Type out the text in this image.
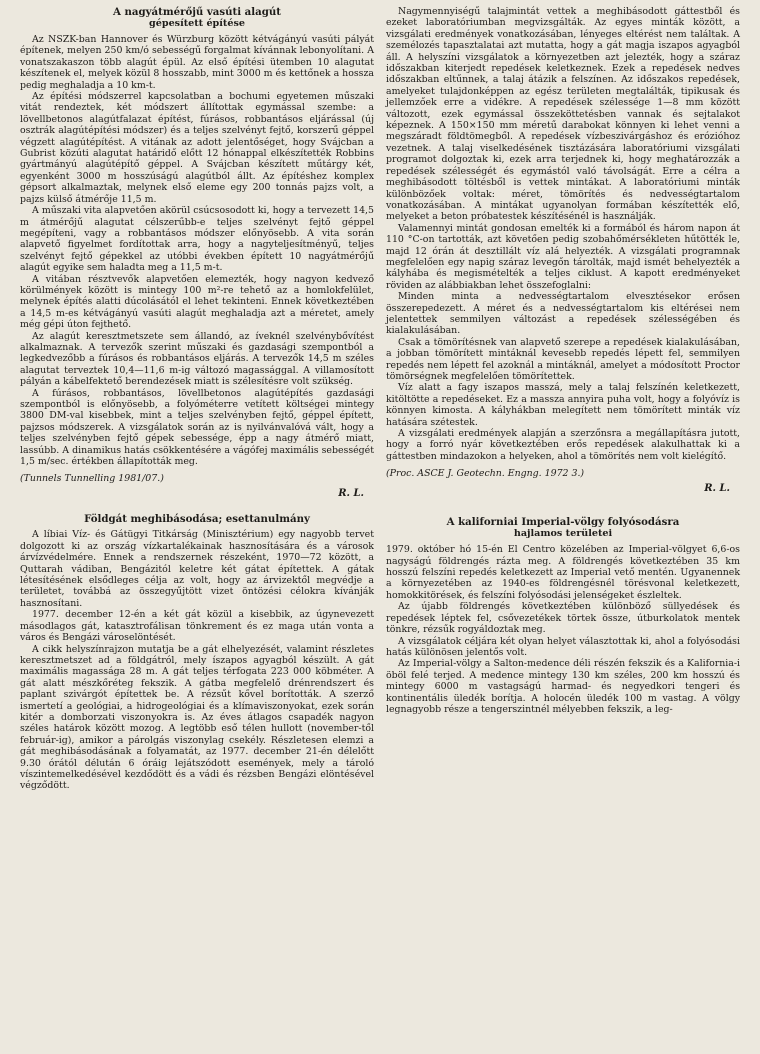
A nagyátmérőjű vasúti alagút
gépesített építése

Az NSZK-ban Hannover és Würzburg között kétvágányú vasúti pályát építenek, melyen 250 km/ó sebességű forgalmat kívánnak lebonyolítani. A vonatszakaszon több alagút épül. Az első építési ütemben 10 alagutat készítenek el, melyek közül 8 hosszabb, mint 3000 m és kettőnek a hossza pedig meghaladja a 10 km-t.

Az építési módszerrel kapcsolatban a bochumi egyetemen műszaki vitát rendeztek, két módszert állítottak egymással szembe: a lövellbetonos alagútfalazat építést, fúrásos, robbantásos eljárással (új osztrák alagútépítési módszer) és a teljes szelvényt fejtő, korszerű géppel végzett alagútépítést. A vitának az adott jelentőséget, hogy Svájcban a Gubrist közúti alagutat határidő előtt 12 hónappal elkészítették Robbins gyártmányú alagútépítő géppel. A Svájcban készített műtárgy két, egyenként 3000 m hosszúságú alagútból állt. Az építéshez komplex gépsort alkalmaztak, melynek első eleme egy 200 tonnás pajzs volt, a pajzs külső átmérője 11,5 m.

A műszaki vita alapvetően akörül csúcsosodott ki, hogy a tervezett 14,5 m átmérőjű alagutat célszerűbb-e teljes szelvényt fejtő géppel megépíteni, vagy a robbantásos módszer előnyösebb. A vita során alapvető figyelmet fordítottak arra, hogy a nagyteljesítményű, teljes szelvényt fejtő gépekkel az utóbbi években épített 10 nagyátmérőjű alagút egyike sem haladta meg a 11,5 m-t.

A vitában résztvevők alapvetően elemezték, hogy nagyon kedvező körülmények között is mintegy 100 m²-re tehető az a homlokfelület, melynek építés alatti dúcolásától el lehet tekinteni. Ennek következtében a 14,5 m-es kétvágányú vasúti alagút meghaladja azt a méretet, amely még gépi úton fejthető.

Az alagút keresztmetszete sem állandó, az íveknél szelvénybővítést alkalmaznak. A tervezők szerint műszaki és gazdasági szempontból a legkedvezőbb a fúrásos és robbantásos eljárás. A tervezők 14,5 m széles alagutat terveztek 10,4—11,6 m-ig változó magassággal. A villamosított pályán a kábelfektető berendezések miatt is szélesítésre volt szükség.

A fúrásos, robbantásos, lövellbetonos alagútépítés gazdasági szempontból is előnyösebb, a folyóméterre vetített költségei mintegy 3800 DM-val kisebbek, mint a teljes szelvényben fejtő, géppel épített, pajzsos módszerek. A vizsgálatok során az is nyilvánvalóvá vált, hogy a teljes szelvényben fejtő gépek sebessége, épp a nagy átmérő miatt, lassúbb. A dinamikus hatás csökkentésére a vágófej maximális sebességét 1,5 m/sec. értékben állapították meg.

(Tunnels Tunnelling 1981/07.)
R. L.
Földgát meghibásodása; esettanulmány

A líbiai Víz- és Gátügyi Titkárság (Minisztérium) egy nagyobb tervet dolgozott ki az ország vízkartalékainak hasznosítására és a városok árvízvédelmére. Ennek a rendszernek részeként, 1970—72 között, a Quttarah vádiban, Bengázitól keletre két gátat építettek. A gátak létesítésének elsődleges célja az volt, hogy az árvizektől megvédje a területet, továbbá az összegyűjtött vizet öntözési célokra kívánják hasznosítani.

1977. december 12-én a két gát közül a kisebbik, az úgynevezett másodlagos gát, katasztrofálisan tönkrement és ez maga után vonta a város és Bengázi városelöntését.

A cikk helyszínrajzon mutatja be a gát elhelyezését, valamint részletes keresztmetszet ad a földgátról, mely íszapos agyagból készült. A gát maximális magassága 28 m. A gát teljes térfogata 223 000 köbméter. A gát alatt mészkőréteg fekszik. A gátba megfelelő drénrendszert és paplant szivárgót építettek be. A rézsűt kővel borították. A szerző ismertetí a geológiai, a hidrogeológiai és a klímaviszonyokat, ezek során kitér a domborzati viszonyokra is. Az éves átlagos csapadék nagyon széles határok között mozog. A legtöbb eső télen hullott (november-től február-ig), amikor a párolgás viszonylag csekély. Részletesen elemzi a gát meghibásodásának a folyamatát, az 1977. december 21-én délelőtt 9.30 órától délután 6 óráig lejátszódott események, mely a tároló víszintemelkedésével kezdődött és a vádi és rézsben Bengázi elöntésével végződött.

Nagymennyiségű talajmintát vettek a meghibásodott gáttestből és ezeket laboratóriumban megvizsgálták. Az egyes minták között, a vizsgálati eredmények vonatkozásában, lényeges eltérést nem találtak. A személozés tapasztalatai azt mutatta, hogy a gát magja iszapos agyagból áll. A helyszíni vizsgálatok a környezetben azt jelezték, hogy a száraz időszakban kiterjedt repedések keletkeznek. Ezek a repedések nedves időszakban eltűnnek, a talaj átázik a felszínen. Az időszakos repedések, amelyeket tulajdonképpen az egész területen megtalálták, tipikusak és jellemzőek erre a vidékre. A repedések szélessége 1—8 mm között változott, ezek egymással összeköttetésben vannak és sejtalakot képeznek. A 150×150 mm méretű darabokat könnyen ki lehet venni a megszáradt földtömegből. A repedések vízbeszivárgáshoz és erózióhoz vezetnek. A talaj viselkedésének tisztázására laboratóriumi vizsgálati programot dolgoztak ki, ezek arra terjednek ki, hogy meghatározzák a repedések szélességét és egymástól való távolságát. Erre a célra a meghibásodott töltésből is vettek mintákat. A laboratóriumi minták különbözőek voltak: méret, tömörítés és nedvességtartalom vonatkozásában. A mintákat ugyanolyan formában készítették elő, melyeket a beton próbatestek készítésénél is használják.

Valamennyi mintát gondosan emelték ki a formából és három napon át 110 °C-on tartották, azt követően pedig szobahőmérsékleten hűtötték le, majd 12 órán át desztillált víz alá helyezték. A vizsgálati programnak megfelelően egy napig száraz levegőn tárolták, majd ismét behelyezték a kályhába és megismételték a teljes ciklust. A kapott eredményeket röviden az alábbiakban lehet összefoglalni:

Minden minta a nedvességtartalom elvesztésekor erősen összerepedezett. A méret és a nedvességtartalom kis eltérései nem jelentettek semmilyen változást a repedések szélességében és kialakulásában.

Csak a tömörítésnek van alapvető szerepe a repedések kialakulásában, a jobban tömörített mintáknál kevesebb repedés lépett fel, semmilyen repedés nem lépett fel azoknál a mintáknál, amelyet a módosított Proctor tömörségnek megfelelően tömörítettek.

Víz alatt a fagy iszapos masszá, mely a talaj felszínén keletkezett, kitöltötte a repedéseket. Ez a massza annyira puha volt, hogy a folyóvíz is könnyen kimosta. A kályhákban melegített nem tömörített minták víz hatására szétestek.

A vizsgálati eredmények alapján a szerzőnsra a megállapításra jutott, hogy a forró nyár következtében erős repedések alakulhattak ki a gáttestben mindazokon a helyeken, ahol a tömörítés nem volt kielégítő.

(Proc. ASCE J. Geotechn. Engng. 1972 3.)
R. L.
A kaliforniai Imperial-völgy folyósodásra
hajlamos területei

1979. október hó 15-én El Centro közelében az Imperial-völgyet 6,6-os nagyságú földrengés rázta meg. A földrengés következtében 35 km hosszú felszíni repedés keletkezett az Imperial vető mentén. Ugyanennek a környezetében az 1940-es földrengésnél törésvonal keletkezett, homokkitörések, és felszíni folyósodási jelenségeket észleltek.

Az újabb földrengés következtében különböző süllyedések és repedések léptek fel, csővezetékek törtek össze, útburkolatok mentek tönkre, rézsűk rogyáldoztak meg.

A vizsgálatok céljára két olyan helyet választottak ki, ahol a folyósodási hatás különösen jelentős volt.

Az Imperial-völgy a Salton-medence déli részén fekszik és a Kalifornia-i öböl felé terjed. A medence mintegy 130 km széles, 200 km hosszú és mintegy 6000 m vastagságú harmad- és negyedkori tengeri és kontinentális üledék borítja. A holocén üledék 100 m vastag. A völgy legnagyobb része a tengerszintnél mélyebben fekszik, a leg-
